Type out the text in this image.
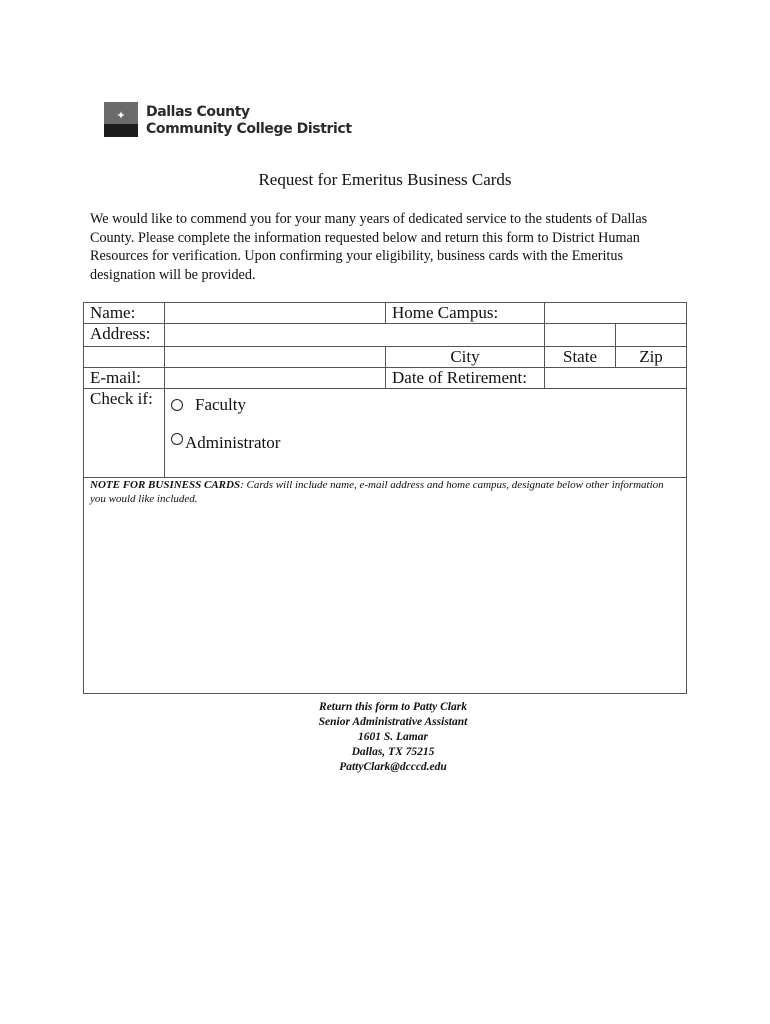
✦ Dallas County
Community College District
Request for Emeritus Business Cards
We would like to commend you for your many years of dedicated service to the students of Dallas County. Please complete the information requested below and return this form to District Human Resources for verification. Upon confirming your eligibility, business cards with the Emeritus designation will be provided.
Name:		Home Campus:		
Address:				
		City	State	Zip
E-mail:		Date of Retirement:		
Check if:	Faculty
Administrator			

NOTE FOR BUSINESS CARDS: Cards will include name, e-mail address and home campus, designate below other information you would like included.				
Return this form to Patty Clark
Senior Administrative Assistant
1601 S. Lamar
Dallas, TX 75215
PattyClark@dcccd.edu
